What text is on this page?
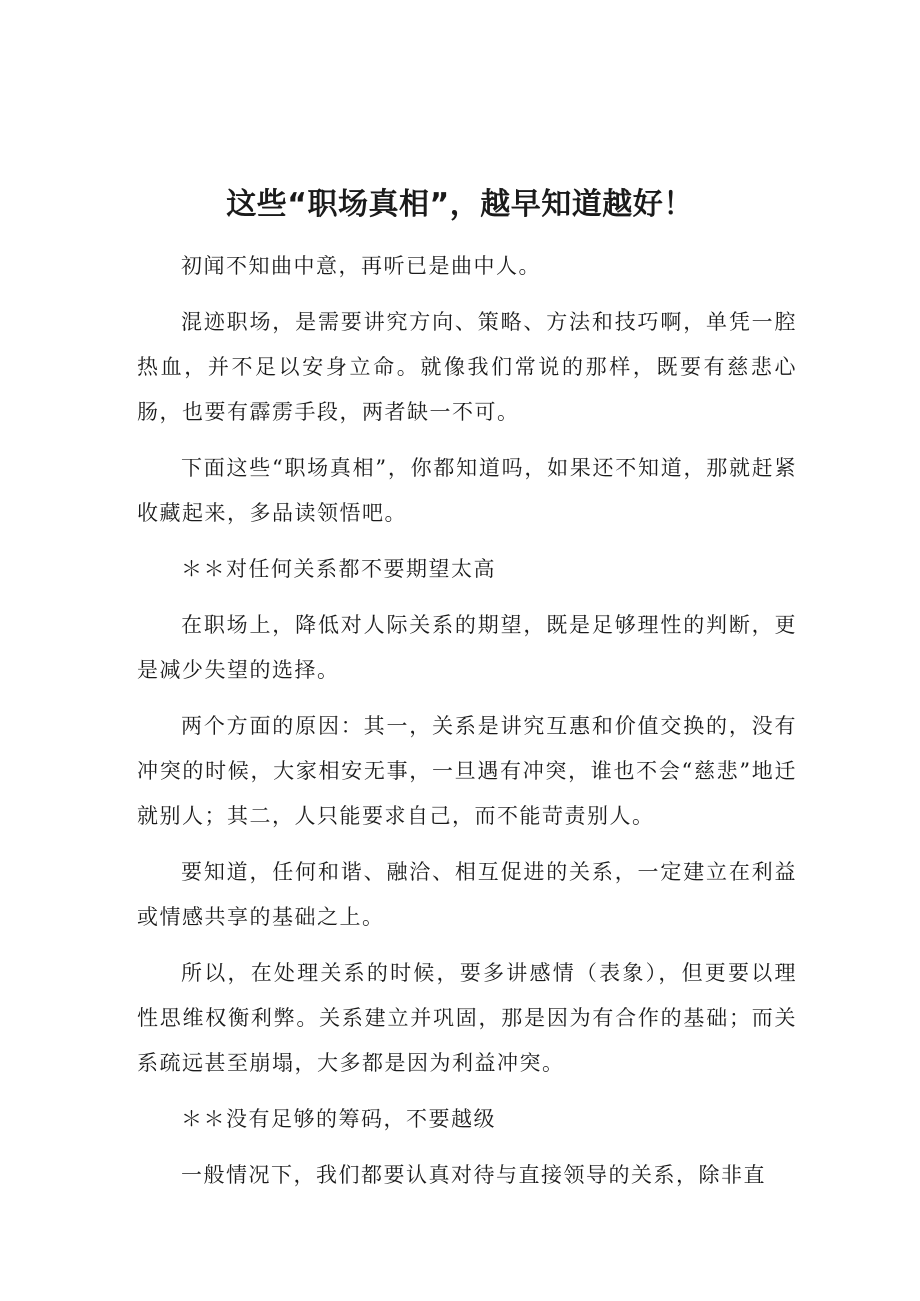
这些“职场真相”，越早知道越好！

初闻不知曲中意，再听已是曲中人。

混迹职场，是需要讲究方向、策略、方法和技巧啊，单凭一腔热血，并不足以安身立命。就像我们常说的那样，既要有慈悲心肠，也要有霹雳手段，两者缺一不可。

下面这些“职场真相”，你都知道吗，如果还不知道，那就赶紧收藏起来，多品读领悟吧。

＊＊对任何关系都不要期望太高

在职场上，降低对人际关系的期望，既是足够理性的判断，更是减少失望的选择。

两个方面的原因：其一，关系是讲究互惠和价值交换的，没有冲突的时候，大家相安无事，一旦遇有冲突，谁也不会“慈悲”地迁就别人；其二，人只能要求自己，而不能苛责别人。

要知道，任何和谐、融洽、相互促进的关系，一定建立在利益或情感共享的基础之上。

所以，在处理关系的时候，要多讲感情（表象），但更要以理性思维权衡利弊。关系建立并巩固，那是因为有合作的基础；而关系疏远甚至崩塌，大多都是因为利益冲突。

＊＊没有足够的筹码，不要越级

一般情况下，我们都要认真对待与直接领导的关系，除非直
